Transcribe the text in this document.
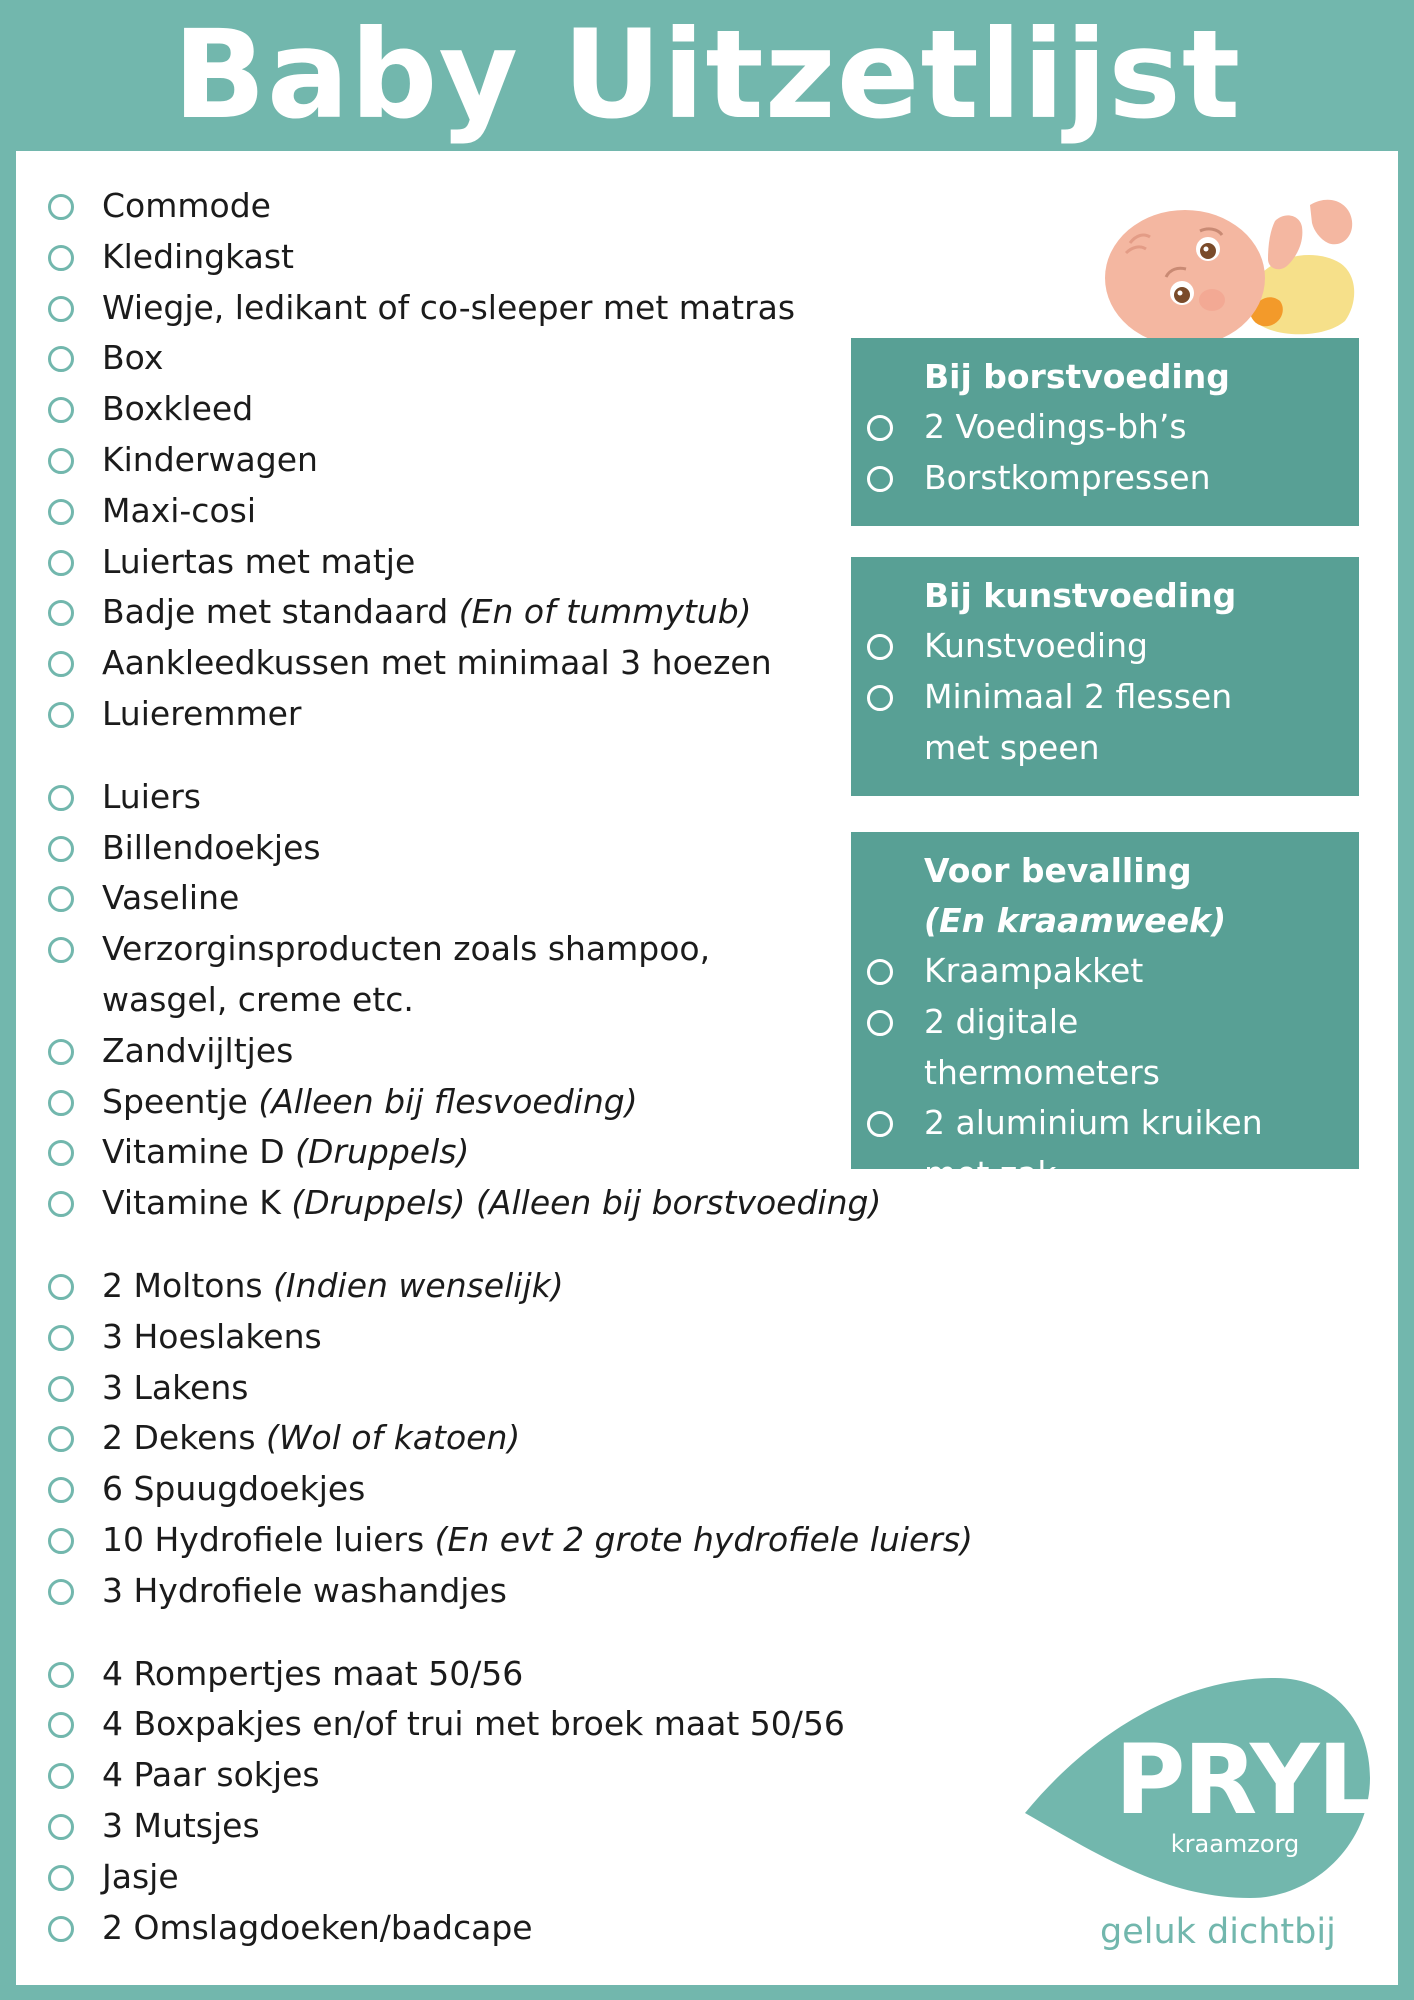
Baby Uitzetlijst
Commode
Kledingkast
Wiegje, ledikant of co-sleeper met matras
Box
Boxkleed
Kinderwagen
Maxi-cosi
Luiertas met matje
Badje met standaard (En of tummytub)
Aankleedkussen met minimaal 3 hoezen
Luieremmer
Luiers
Billendoekjes
Vaseline
Verzorginsproducten zoals shampoo, wasgel, creme etc.
Zandvijltjes
Speentje (Alleen bij flesvoeding)
Vitamine D (Druppels)
Vitamine K (Druppels) (Alleen bij borstvoeding)
2 Moltons (Indien wenselijk)
3 Hoeslakens
3 Lakens
2 Dekens (Wol of katoen)
6 Spuugdoekjes
10 Hydrofiele luiers (En evt 2 grote hydrofiele luiers)
3 Hydrofiele washandjes
4 Rompertjes maat 50/56
4 Boxpakjes en/of trui met broek maat 50/56
4 Paar sokjes
3 Mutsjes
Jasje
2 Omslagdoeken/badcape
Bij borstvoeding
2 Voedings-bh’s
Borstkompressen
Bij kunstvoeding
Kunstvoeding
Minimaal 2 flessen met speen
Voor bevalling
(En kraamweek)
Kraampakket
2 digitale thermometers
2 aluminium kruiken met zak
PRYL
kraamzorg
geluk dichtbij
